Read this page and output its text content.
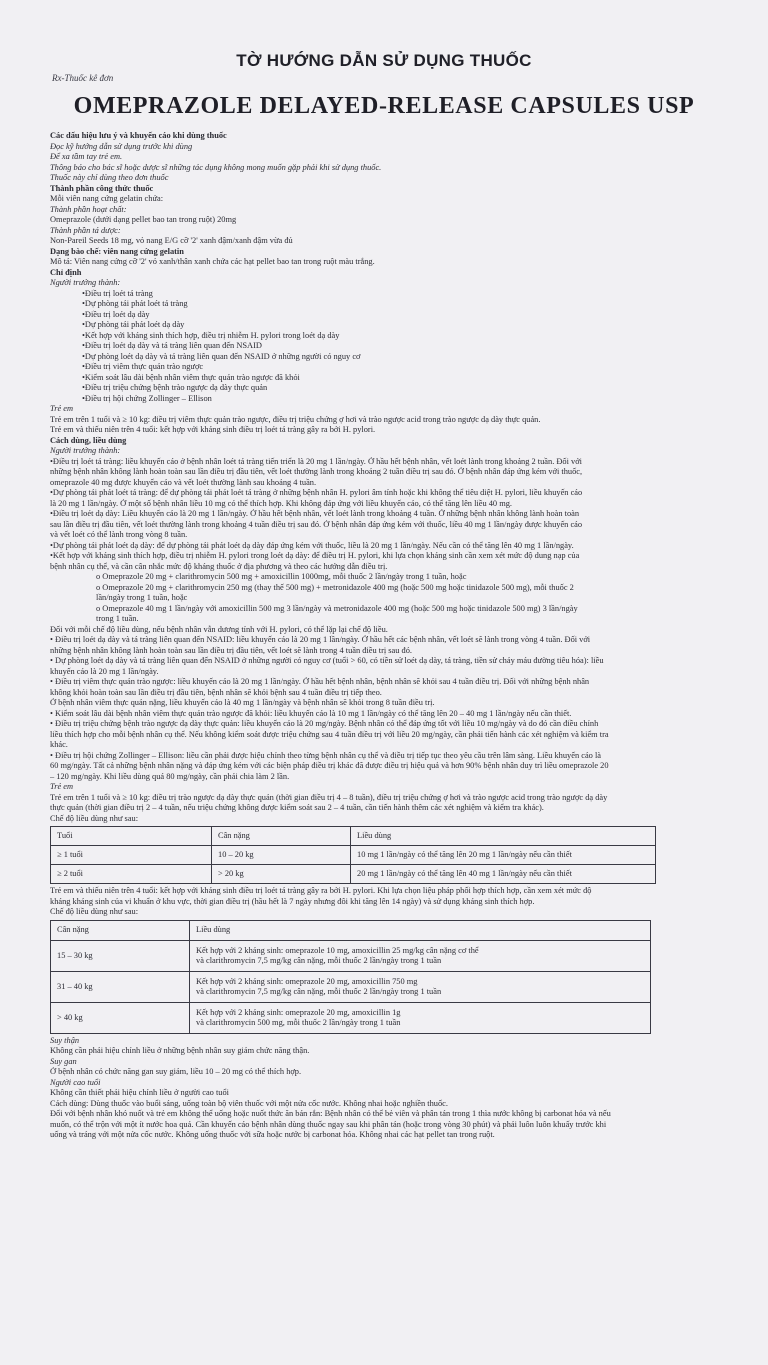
TỜ HƯỚNG DẪN SỬ DỤNG THUỐC
Rx-Thuốc kê đơn
OMEPRAZOLE DELAYED-RELEASE CAPSULES USP
Các dấu hiệu lưu ý và khuyến cáo khi dùng thuốc
Đọc kỹ hướng dẫn sử dụng trước khi dùng
Để xa tầm tay trẻ em.
Thông báo cho bác sĩ hoặc dược sĩ những tác dụng không mong muốn gặp phải khi sử dụng thuốc.
Thuốc này chỉ dùng theo đơn thuốc
Thành phần công thức thuốc
Mỗi viên nang cứng gelatin chứa:
Thành phần hoạt chất:
Omeprazole (dưới dạng pellet bao tan trong ruột) 20mg
Thành phần tá dược:
Non-Pareil Seeds 18 mg, vỏ nang E/G cỡ '2' xanh đậm/xanh đậm vừa đủ
Dạng bào chế: viên nang cứng gelatin
Mô tả: Viên nang cứng cỡ '2' vỏ xanh/thân xanh chứa các hạt pellet bao tan trong ruột màu trắng.
Chỉ định
Người trưởng thành:
•Điều trị loét tá tràng
•Dự phòng tái phát loét tá tràng
•Điều trị loét dạ dày
•Dự phòng tái phát loét dạ dày
•Kết hợp với kháng sinh thích hợp, điều trị nhiễm H. pylori trong loét dạ dày
•Điều trị loét dạ dày và tá tràng liên quan đến NSAID
•Dự phòng loét dạ dày và tá tràng liên quan đến NSAID ở những người có nguy cơ
•Điều trị viêm thực quản trào ngược
•Kiểm soát lâu dài bệnh nhân viêm thực quản trào ngược đã khỏi
•Điều trị triệu chứng bệnh trào ngược dạ dày thực quản
•Điều trị hội chứng Zollinger – Ellison
Trẻ em
Trẻ em trên 1 tuổi và ≥ 10 kg: điều trị viêm thực quản trào ngược, điều trị triệu chứng ợ hơi và trào ngược acid trong trào ngược dạ dày thực quản.
Trẻ em và thiếu niên trên 4 tuổi: kết hợp với kháng sinh điều trị loét tá tràng gây ra bởi H. pylori.
Cách dùng, liều dùng
Người trưởng thành:
•Điều trị loét tá tràng: liều khuyến cáo ở bệnh nhân loét tá tràng tiến triển là 20 mg 1 lần/ngày. Ở hầu hết bệnh nhân, vết loét lành trong khoảng 2 tuần. Đối với
những bệnh nhân không lành hoàn toàn sau lần điều trị đầu tiên, vết loét thường lành trong khoảng 2 tuần điều trị sau đó. Ở bệnh nhân đáp ứng kém với thuốc,
omeprazole 40 mg được khuyến cáo và vết loét thường lành sau khoảng 4 tuần.
•Dự phòng tái phát loét tá tràng: để dự phòng tái phát loét tá tràng ở những bệnh nhân H. pylori âm tính hoặc khi không thể tiêu diệt H. pylori, liều khuyến cáo
là 20 mg 1 lần/ngày. Ở một số bệnh nhân liều 10 mg có thể thích hợp. Khi không đáp ứng với liều khuyến cáo, có thể tăng lên liều 40 mg.
•Điều trị loét dạ dày: Liều khuyến cáo là 20 mg 1 lần/ngày. Ở hầu hết bệnh nhân, vết loét lành trong khoảng 4 tuần. Ở những bệnh nhân không lành hoàn toàn
sau lần điều trị đầu tiên, vết loét thường lành trong khoảng 4 tuần điều trị sau đó. Ở bệnh nhân đáp ứng kém với thuốc, liều 40 mg 1 lần/ngày được khuyến cáo
và vết loét có thể lành trong vòng 8 tuần.
•Dự phòng tái phát loét dạ dày: để dự phòng tái phát loét dạ dày đáp ứng kém với thuốc, liều là 20 mg 1 lần/ngày. Nếu cần có thể tăng lên 40 mg 1 lần/ngày.
•Kết hợp với kháng sinh thích hợp, điều trị nhiễm H. pylori trong loét dạ dày: để điều trị H. pylori, khi lựa chọn kháng sinh cần xem xét mức độ dung nạp của
bệnh nhân cụ thể, và cần cân nhắc mức độ kháng thuốc ở địa phương và theo các hướng dẫn điều trị.
o Omeprazole 20 mg + clarithromycin 500 mg + amoxicillin 1000mg, mỗi thuốc 2 lần/ngày trong 1 tuần, hoặc
o Omeprazole 20 mg + clarithromycin 250 mg (thay thế 500 mg) + metronidazole 400 mg (hoặc 500 mg hoặc tinidazole 500 mg), mỗi thuốc 2
lần/ngày trong 1 tuần, hoặc
o Omeprazole 40 mg 1 lần/ngày với amoxicillin 500 mg 3 lần/ngày và metronidazole 400 mg (hoặc 500 mg hoặc tinidazole 500 mg) 3 lần/ngày
trong 1 tuần.
Đối với mỗi chế độ liều dùng, nếu bệnh nhân vẫn dương tính với H. pylori, có thể lặp lại chế độ liều.
• Điều trị loét dạ dày và tá tràng liên quan đến NSAID: liều khuyến cáo là 20 mg 1 lần/ngày. Ở hầu hết các bệnh nhân, vết loét sẽ lành trong vòng 4 tuần. Đối với
những bệnh nhân không lành hoàn toàn sau lần điều trị đầu tiên, vết loét sẽ lành trong 4 tuần điều trị sau đó.
• Dự phòng loét dạ dày và tá tràng liên quan đến NSAID ở những người có nguy cơ (tuổi > 60, có tiền sử loét dạ dày, tá tràng, tiền sử chảy máu đường tiêu hóa): liều
khuyến cáo là 20 mg 1 lần/ngày.
• Điều trị viêm thực quản trào ngược: liều khuyến cáo là 20 mg 1 lần/ngày. Ở hầu hết bệnh nhân, bệnh nhân sẽ khỏi sau 4 tuần điều trị. Đối với những bệnh nhân
không khỏi hoàn toàn sau lần điều trị đầu tiên, bệnh nhân sẽ khỏi bệnh sau 4 tuần điều trị tiếp theo.
Ở bệnh nhân viêm thực quản nặng, liều khuyến cáo là 40 mg 1 lần/ngày và bệnh nhân sẽ khỏi trong 8 tuần điều trị.
• Kiểm soát lâu dài bệnh nhân viêm thực quản trào ngược đã khỏi: liều khuyến cáo là 10 mg 1 lần/ngày có thể tăng lên 20 – 40 mg 1 lần/ngày nếu cần thiết.
• Điều trị triệu chứng bệnh trào ngược dạ dày thực quản: liều khuyến cáo là 20 mg/ngày. Bệnh nhân có thể đáp ứng tốt với liều 10 mg/ngày và do đó cần điều chỉnh
liều thích hợp cho mỗi bệnh nhân cụ thể. Nếu không kiểm soát được triệu chứng sau 4 tuần điều trị với liều 20 mg/ngày, cần phải tiến hành các xét nghiệm và kiểm tra
khác.
• Điều trị hội chứng Zollinger – Ellison: liều cần phải được hiệu chỉnh theo từng bệnh nhân cụ thể và điều trị tiếp tục theo yêu cầu trên lâm sàng. Liều khuyến cáo là
60 mg/ngày. Tất cả những bệnh nhân nặng và đáp ứng kém với các biện pháp điều trị khác đã được điều trị hiệu quả và hơn 90% bệnh nhân duy trì liều omeprazole 20
– 120 mg/ngày. Khi liều dùng quá 80 mg/ngày, cần phải chia làm 2 lần.
Trẻ em
Trẻ em trên 1 tuổi và ≥ 10 kg: điều trị trào ngược dạ dày thực quản (thời gian điều trị 4 – 8 tuần), điều trị triệu chứng ợ hơi và trào ngược acid trong trào ngược dạ dày
thực quản (thời gian điều trị 2 – 4 tuần, nếu triệu chứng không được kiểm soát sau 2 – 4 tuần, cần tiến hành thêm các xét nghiệm và kiểm tra khác).
Chế độ liều dùng như sau:
Tuổi	Cân nặng	Liều dùng
≥ 1 tuổi	10 – 20 kg	10 mg 1 lần/ngày có thể tăng lên 20 mg 1 lần/ngày nếu cần thiết
≥ 2 tuổi	> 20 kg	20 mg 1 lần/ngày có thể tăng lên 40 mg 1 lần/ngày nếu cần thiết
Trẻ em và thiếu niên trên 4 tuổi: kết hợp với kháng sinh điều trị loét tá tràng gây ra bởi H. pylori. Khi lựa chọn liệu pháp phối hợp thích hợp, cần xem xét mức độ
kháng kháng sinh của vi khuẩn ở khu vực, thời gian điều trị (hầu hết là 7 ngày nhưng đôi khi tăng lên 14 ngày) và sử dụng kháng sinh thích hợp.
Chế độ liều dùng như sau:
Cân nặng	Liều dùng
15 – 30 kg	Kết hợp với 2 kháng sinh: omeprazole 10 mg, amoxicillin 25 mg/kg cân nặng cơ thể
và clarithromycin 7,5 mg/kg cân nặng, mỗi thuốc 2 lần/ngày trong 1 tuần

31 – 40 kg	Kết hợp với 2 kháng sinh: omeprazole 20 mg, amoxicillin 750 mg
và clarithromycin 7,5 mg/kg cân nặng, mỗi thuốc 2 lần/ngày trong 1 tuần

> 40 kg	Kết hợp với 2 kháng sinh: omeprazole 20 mg, amoxicillin 1g
và clarithromycin 500 mg, mỗi thuốc 2 lần/ngày trong 1 tuần
Suy thận
Không cần phải hiệu chỉnh liều ở những bệnh nhân suy giảm chức năng thận.
Suy gan
Ở bệnh nhân có chức năng gan suy giảm, liều 10 – 20 mg có thể thích hợp.
Người cao tuổi
Không cần thiết phải hiệu chỉnh liều ở người cao tuổi
Cách dùng: Dùng thuốc vào buổi sáng, uống toàn bộ viên thuốc với một nửa cốc nước. Không nhai hoặc nghiền thuốc.
Đối với bệnh nhân khó nuốt và trẻ em không thể uống hoặc nuốt thức ăn bán rắn: Bệnh nhân có thể bẻ viên và phân tán trong 1 thìa nước không bị carbonat hóa và nếu
muốn, có thể trộn với một ít nước hoa quả. Cần khuyến cáo bệnh nhân dùng thuốc ngay sau khi phân tán (hoặc trong vòng 30 phút) và phải luôn luôn khuấy trước khi
uống và tráng với một nửa cốc nước. Không uống thuốc với sữa hoặc nước bị carbonat hóa. Không nhai các hạt pellet tan trong ruột.
